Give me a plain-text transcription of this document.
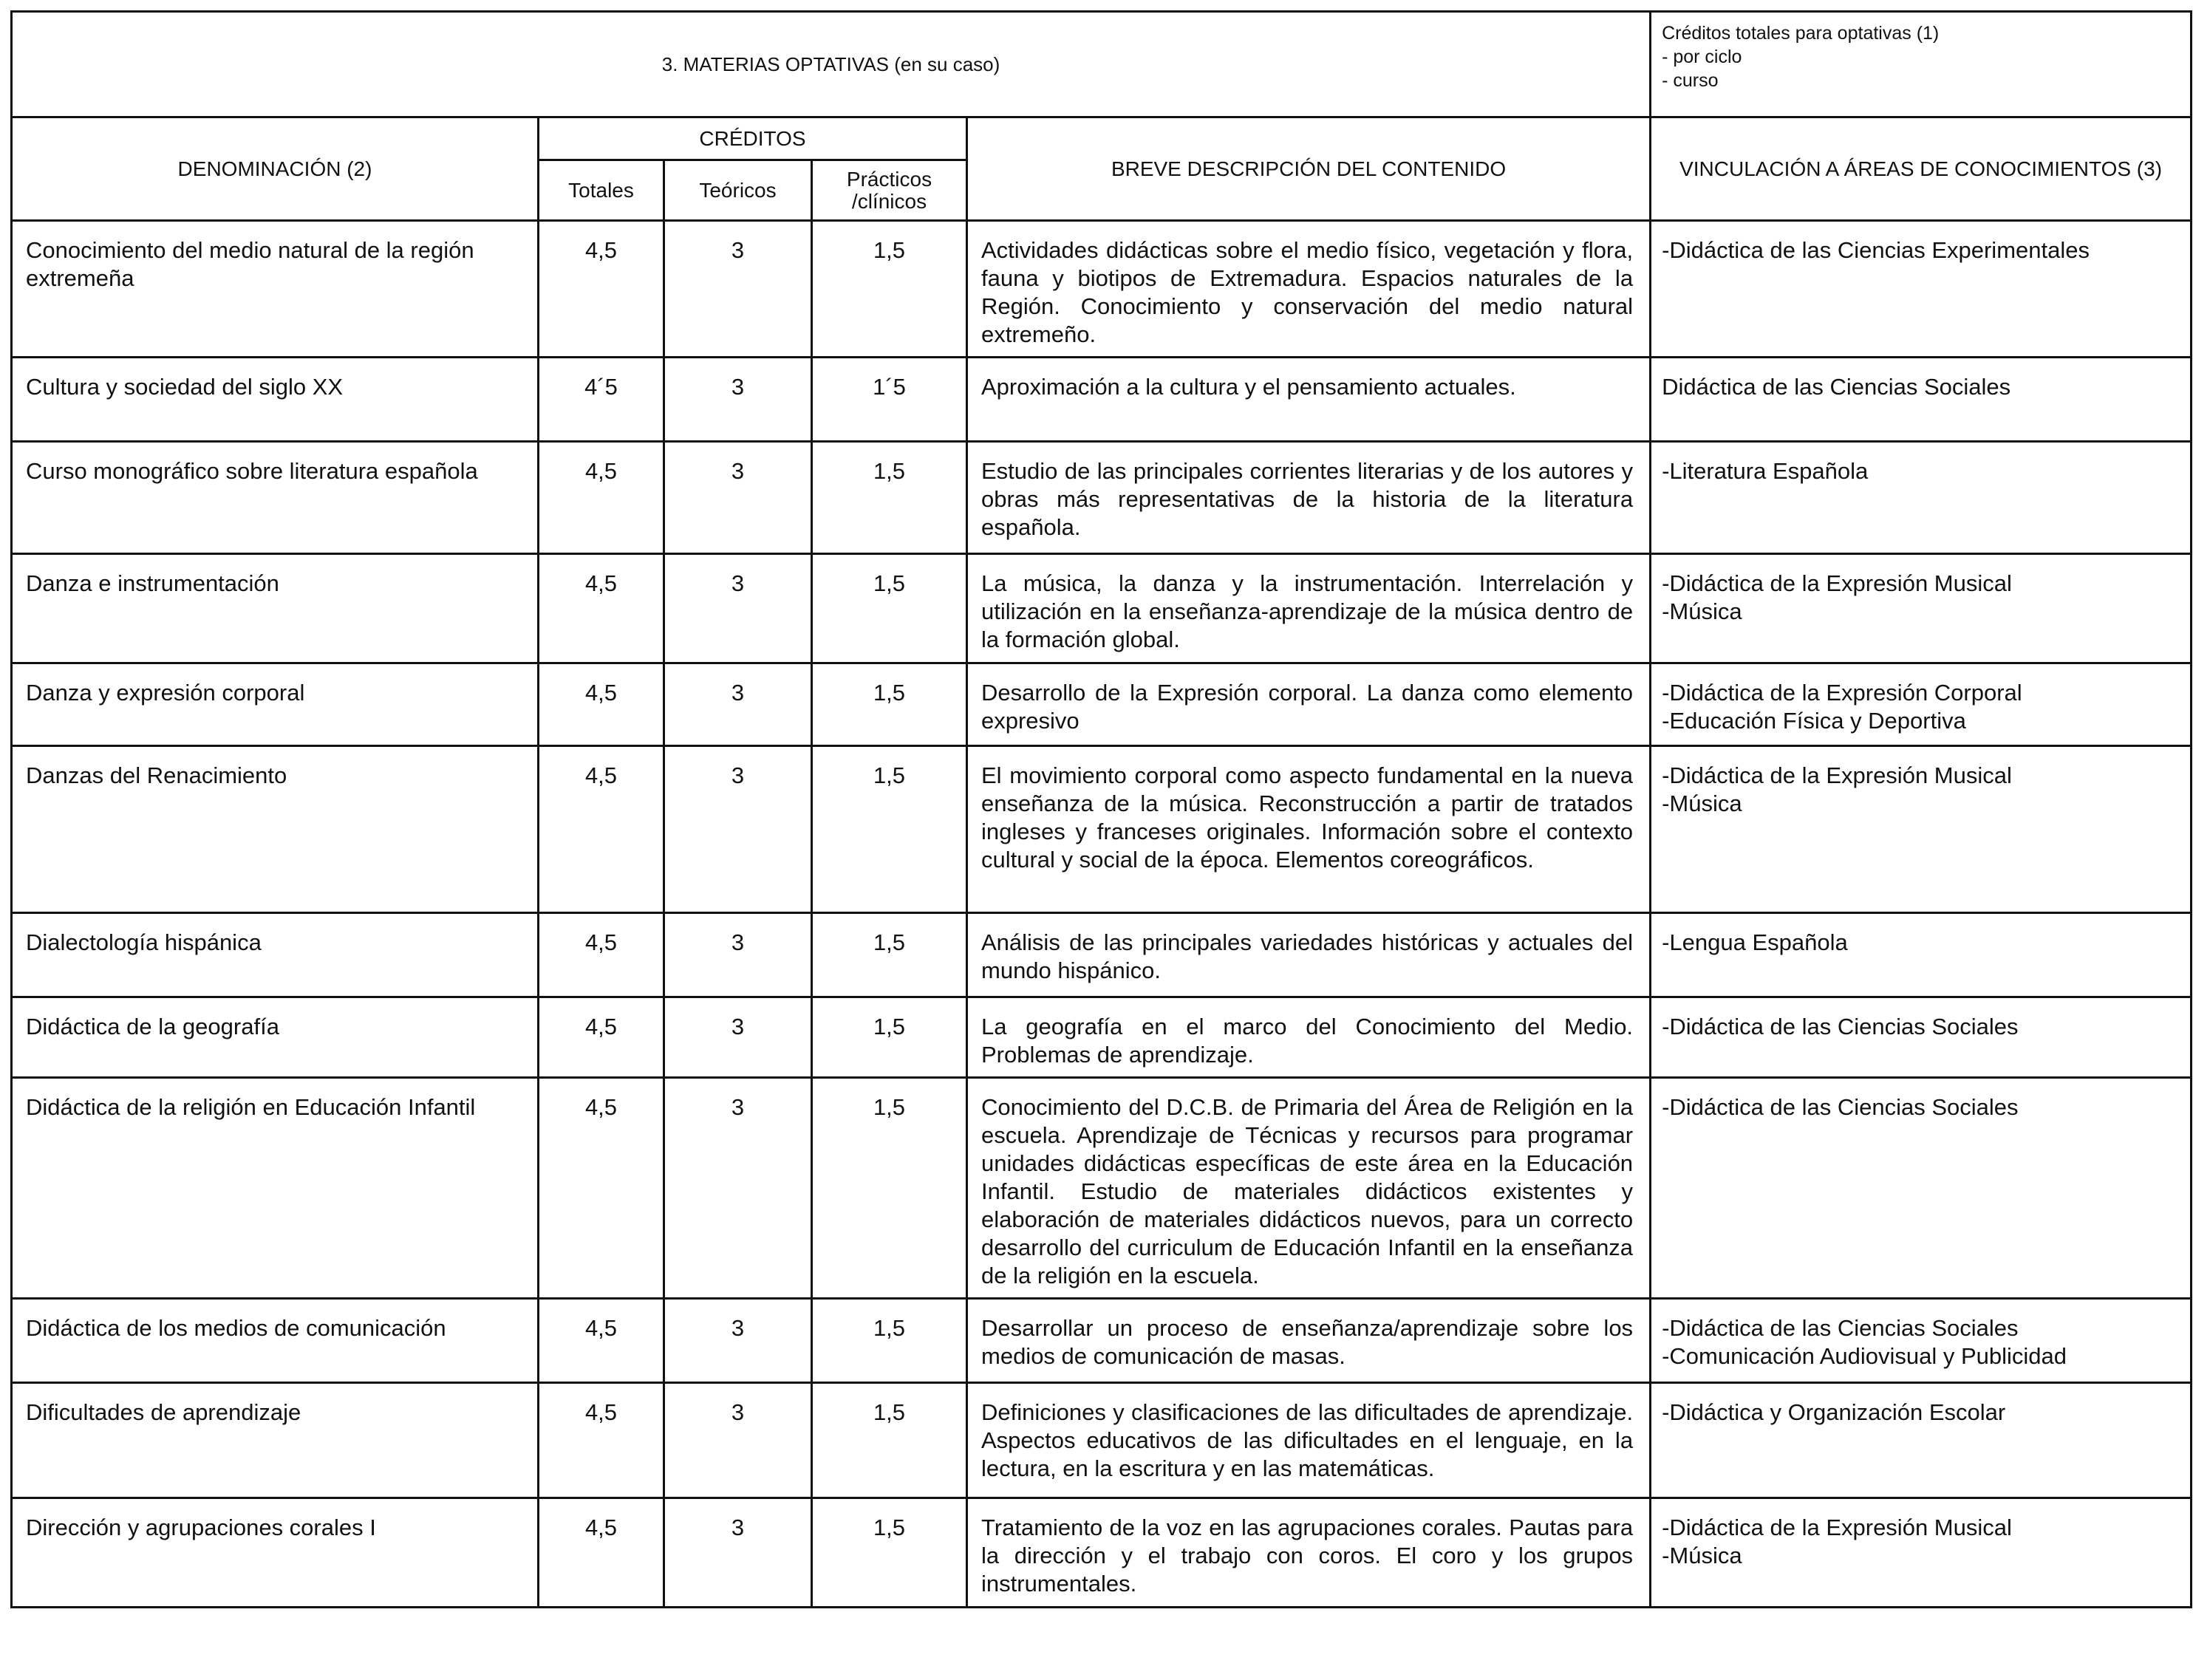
3. MATERIAS OPTATIVAS (en su caso)					Créditos totales para optativas (1)
- por ciclo
- curso

DENOMINACIÓN (2)	CRÉDITOS			BREVE DESCRIPCIÓN DEL CONTENIDO	VINCULACIÓN A ÁREAS DE CONOCIMIENTOS (3)
	Totales	Teóricos	Prácticos
/clínicos		

Conocimiento del medio natural de la región extremeña	4,5	3	1,5	Actividades didácticas sobre el medio físico, vegetación y flora, fauna y biotipos de Extremadura. Espacios naturales de la Región. Conocimiento y conservación del medio natural extremeño.	-Didáctica de las Ciencias Experimentales

Cultura y sociedad del siglo XX	4´5	3	1´5	Aproximación a la cultura y el pensamiento actuales.	Didáctica de las Ciencias Sociales

Curso monográfico sobre literatura española	4,5	3	1,5	Estudio de las principales corrientes literarias y de los autores y obras más representativas de la historia de la literatura española.	-Literatura Española

Danza e instrumentación	4,5	3	1,5	La música, la danza y la instrumentación. Interrelación y utilización en la enseñanza-aprendizaje de la música dentro de la formación global.	-Didáctica de la Expresión Musical
-Música

Danza y expresión corporal	4,5	3	1,5	Desarrollo de la Expresión corporal. La danza como elemento expresivo	-Didáctica de la Expresión Corporal
-Educación Física y Deportiva

Danzas del Renacimiento	4,5	3	1,5	El movimiento corporal como aspecto fundamental en la nueva enseñanza de la música. Reconstrucción a partir de tratados ingleses y franceses originales. Información sobre el contexto cultural y social de la época. Elementos coreográficos.	-Didáctica de la Expresión Musical
-Música

Dialectología hispánica	4,5	3	1,5	Análisis de las principales variedades históricas y actuales del mundo hispánico.	-Lengua Española

Didáctica de la geografía	4,5	3	1,5	La geografía en el marco del Conocimiento del Medio. Problemas de aprendizaje.	-Didáctica de las Ciencias Sociales

Didáctica de la religión en Educación Infantil	4,5	3	1,5	Conocimiento del D.C.B. de Primaria del Área de Religión en la escuela. Aprendizaje de Técnicas y recursos para programar unidades didácticas específicas de este área en la Educación Infantil. Estudio de materiales didácticos existentes y elaboración de materiales didácticos nuevos, para un correcto desarrollo del curriculum de Educación Infantil en la enseñanza de la religión en la escuela.	-Didáctica de las Ciencias Sociales

Didáctica de los medios de comunicación	4,5	3	1,5	Desarrollar un proceso de enseñanza/aprendizaje sobre los medios de comunicación de masas.	-Didáctica de las Ciencias Sociales
-Comunicación Audiovisual y Publicidad

Dificultades de aprendizaje	4,5	3	1,5	Definiciones y clasificaciones de las dificultades de aprendizaje. Aspectos educativos de las dificultades en el lenguaje, en la lectura, en la escritura y en las matemáticas.	-Didáctica y Organización Escolar

Dirección y agrupaciones corales I	4,5	3	1,5	Tratamiento de la voz en las agrupaciones corales. Pautas para la dirección y el trabajo con coros. El coro y los grupos instrumentales.	-Didáctica de la Expresión Musical
-Música
